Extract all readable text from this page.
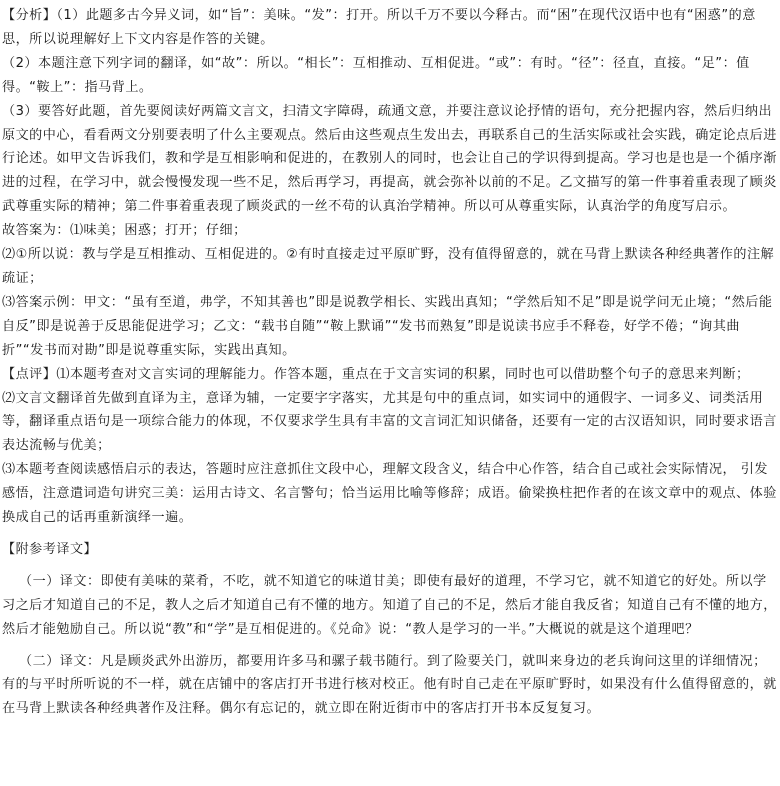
【分析】（1）此题多古今异义词，如“旨”：美味。“发”：打开。所以千万不要以今释古。而“困”在现代汉语中也有“困惑”的意思，所以说理解好上下文内容是作答的关键。

（2）本题注意下列字词的翻译，如“故”：所以。“相长”：互相推动、互相促进。“或”：有时。“径”：径直，直接。“足”：值得。“鞍上”：指马背上。

（3）要答好此题，首先要阅读好两篇文言文，扫清文字障碍，疏通文意，并要注意议论抒情的语句，充分把握内容，然后归纳出原文的中心，看看两文分别要表明了什么主要观点。然后由这些观点生发出去，再联系自己的生活实际或社会实践，确定论点后进行论述。如甲文告诉我们，教和学是互相影响和促进的，在教别人的同时，也会让自己的学识得到提高。学习也是也是一个循序渐进的过程，在学习中，就会慢慢发现一些不足，然后再学习，再提高，就会弥补以前的不足。乙文描写的第一件事着重表现了顾炎武尊重实际的精神；第二件事着重表现了顾炎武的一丝不苟的认真治学精神。所以可从尊重实际，认真治学的角度写启示。

故答案为：⑴味美；困惑；打开；仔细；

⑵①所以说：教与学是互相推动、互相促进的。②有时直接走过平原旷野，没有值得留意的，就在马背上默读各种经典著作的注解疏证；

⑶答案示例：甲文：“虽有至道，弗学，不知其善也”即是说教学相长、实践出真知；“学然后知不足”即是说学问无止境；“然后能自反”即是说善于反思能促进学习；乙文：“载书自随”“鞍上默诵”“发书而熟复”即是说读书应手不释卷，好学不倦；“询其曲折”“发书而对勘”即是说尊重实际，实践出真知。

【点评】⑴本题考查对文言实词的理解能力。作答本题，重点在于文言实词的积累，同时也可以借助整个句子的意思来判断；

⑵文言文翻译首先做到直译为主，意译为辅，一定要字字落实，尤其是句中的重点词，如实词中的通假字、一词多义、词类活用等，翻译重点语句是一项综合能力的体现，不仅要求学生具有丰富的文言词汇知识储备，还要有一定的古汉语知识，同时要求语言表达流畅与优美；

⑶本题考查阅读感悟启示的表达，答题时应注意抓住文段中心，理解文段含义，结合中心作答，结合自己或社会实际情况， 引发感悟，注意遣词造句讲究三美：运用古诗文、名言警句；恰当运用比喻等修辞；成语。偷梁换柱把作者的在该文章中的观点、体验换成自己的话再重新演绎一遍。

【附参考译文】

（一）译文：即使有美味的菜肴，不吃，就不知道它的味道甘美；即使有最好的道理，不学习它，就不知道它的好处。所以学习之后才知道自己的不足，教人之后才知道自己有不懂的地方。知道了自己的不足，然后才能自我反省；知道自己有不懂的地方，然后才能勉励自己。所以说“教”和“学”是互相促进的。《兑命》说：“教人是学习的一半。”大概说的就是这个道理吧？

（二）译文：凡是顾炎武外出游历，都要用许多马和骡子载书随行。到了险要关门，就叫来身边的老兵询问这里的详细情况；有的与平时所听说的不一样，就在店铺中的客店打开书进行核对校正。他有时自己走在平原旷野时，如果没有什么值得留意的，就在马背上默读各种经典著作及注释。偶尔有忘记的，就立即在附近街市中的客店打开书本反复复习。
